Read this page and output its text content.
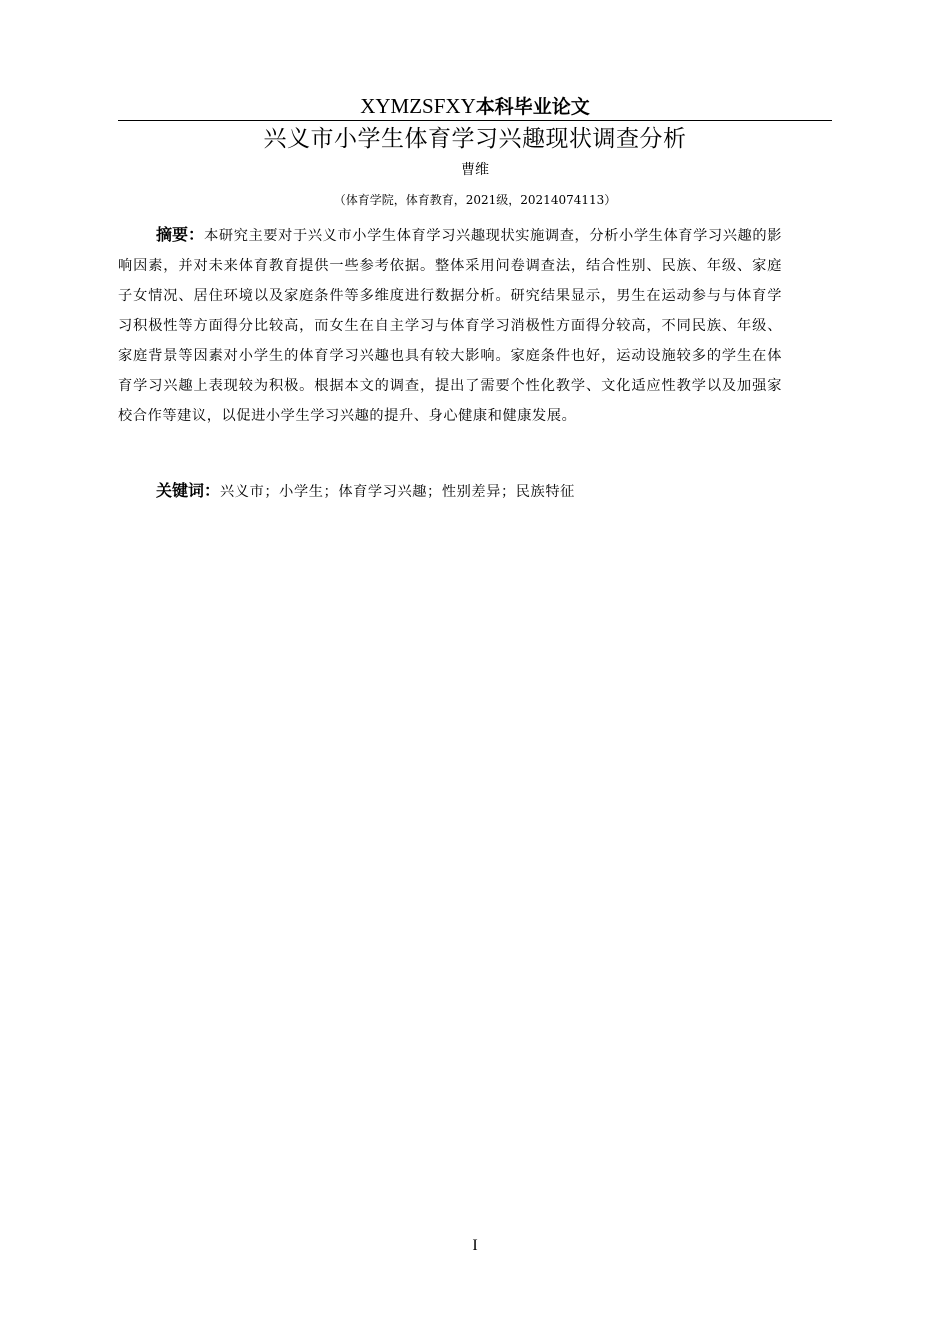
XYMZSFXY本科毕业论文
兴义市小学生体育学习兴趣现状调查分析
曹维
（体育学院，体育教育，2021级，20214074113）

摘要：本研究主要对于兴义市小学生体育学习兴趣现状实施调查，分析小学生体育学习兴趣的影响因素，并对未来体育教育提供一些参考依据。整体采用问卷调查法，结合性别、民族、年级、家庭子女情况、居住环境以及家庭条件等多维度进行数据分析。研究结果显示，男生在运动参与与体育学习积极性等方面得分比较高，而女生在自主学习与体育学习消极性方面得分较高，不同民族、年级、家庭背景等因素对小学生的体育学习兴趣也具有较大影响。家庭条件也好，运动设施较多的学生在体育学习兴趣上表现较为积极。根据本文的调查，提出了需要个性化教学、文化适应性教学以及加强家校合作等建议，以促进小学生学习兴趣的提升、身心健康和健康发展。

关键词：兴义市；小学生；体育学习兴趣；性别差异；民族特征

I
